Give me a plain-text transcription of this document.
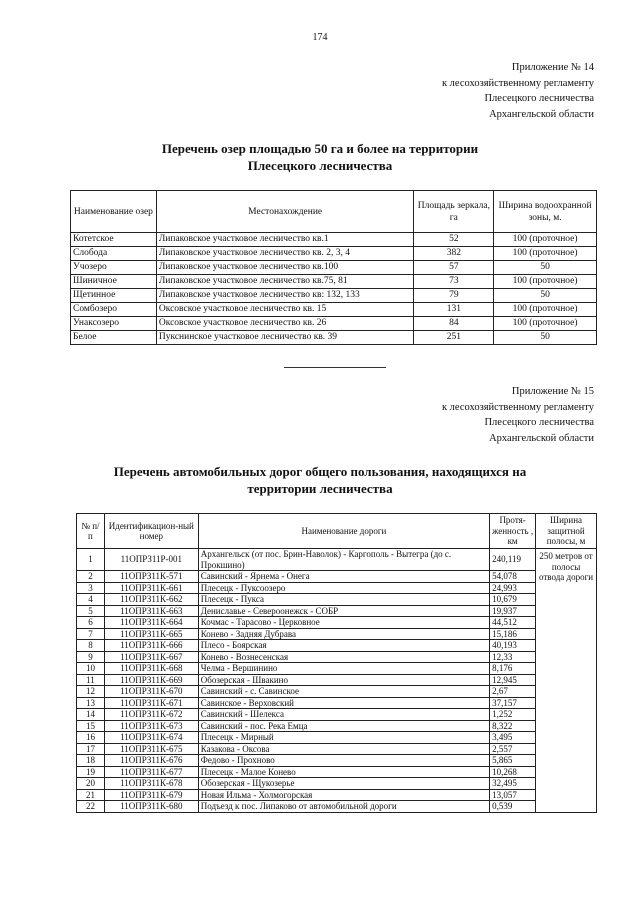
174
Приложение № 14
к лесохозяйственному регламенту
Плесецкого лесничества
Архангельской области
Перечень озер площадью 50 га и более на территории
Плесецкого лесничества
Наименование озер	Местонахождение	Площадь зеркала, га	Ширина водоохранной зоны, м.
Котетское	Липаковское участковое лесничество кв.1	52	100 (проточное)
Слобода	Липаковское участковое лесничество кв. 2, 3, 4	382	100 (проточное)
Учозеро	Липаковское участковое лесничество кв.100	57	50
Шиничное	Липаковское участковое лесничество кв.75, 81	73	100 (проточное)
Щетинное	Липаковское участковое лесничество кв: 132, 133	79	50
Сомбозеро	Оксовское участковое лесничество кв. 15	131	100 (проточное)
Унаксозеро	Оксовское участковое лесничество кв. 26	84	100 (проточное)
Белое	Пукснинское участковое лесничество кв. 39	251	50
Приложение № 15
к лесохозяйственному регламенту
Плесецкого лесничества
Архангельской области
Перечень автомобильных дорог общего пользования, находящихся на
территории лесничества
№ п/п	Идентификацион-ный номер	Наименование дороги	Протя-женность , км	Ширина защитной полосы, м
1	11ОПРЗ11Р-001	Архангельск (от пос. Брин-Наволок) - Каргополь - Вытегра (до с. Прокшино)	240,119	250 метров от полосы отвода дороги
2	11ОПРЗ11К-571	Савинский - Ярнема - Онега	54,078	
3	11ОПРЗ11К-661	Плесецк - Пуксоозеро	24,993	
4	11ОПРЗ11К-662	Плесецк - Пукса	10,679	
5	11ОПРЗ11К-663	Дениславье - Североонежск - СОБР	19,937	
6	11ОПРЗ11К-664	Кочмас - Тарасово - Церковное	44,512	
7	11ОПРЗ11К-665	Конево - Задняя Дубрава	15,186	
8	11ОПРЗ11К-666	Плесо - Боярская	40,193	
9	11ОПРЗ11К-667	Конево - Вознесенская	12,33	
10	11ОПРЗ11К-668	Челма - Вершинино	8,176	
11	11ОПРЗ11К-669	Обозерская - Швакино	12,945	
12	11ОПРЗ11К-670	Савинский - с. Савинское	2,67	
13	11ОПРЗ11К-671	Савинское - Верховский	37,157	
14	11ОПРЗ11К-672	Савинский - Шелекса	1,252	
15	11ОПРЗ11К-673	Савинский - пос. Река Емца	8,322	
16	11ОПРЗ11К-674	Плесецк - Мирный	3,495	
17	11ОПРЗ11К-675	Казакова - Оксова	2,557	
18	11ОПРЗ11К-676	Федово - Прохново	5,865	
19	11ОПРЗ11К-677	Плесецк - Малое Конево	10,268	
20	11ОПРЗ11К-678	Обозерская - Щукозерье	32,495	
21	11ОПРЗ11К-679	Новая Ильма - Холмогорская	13,057	
22	11ОПРЗ11К-680	Подъезд к пос. Липаково от автомобильной дороги	0,539	
